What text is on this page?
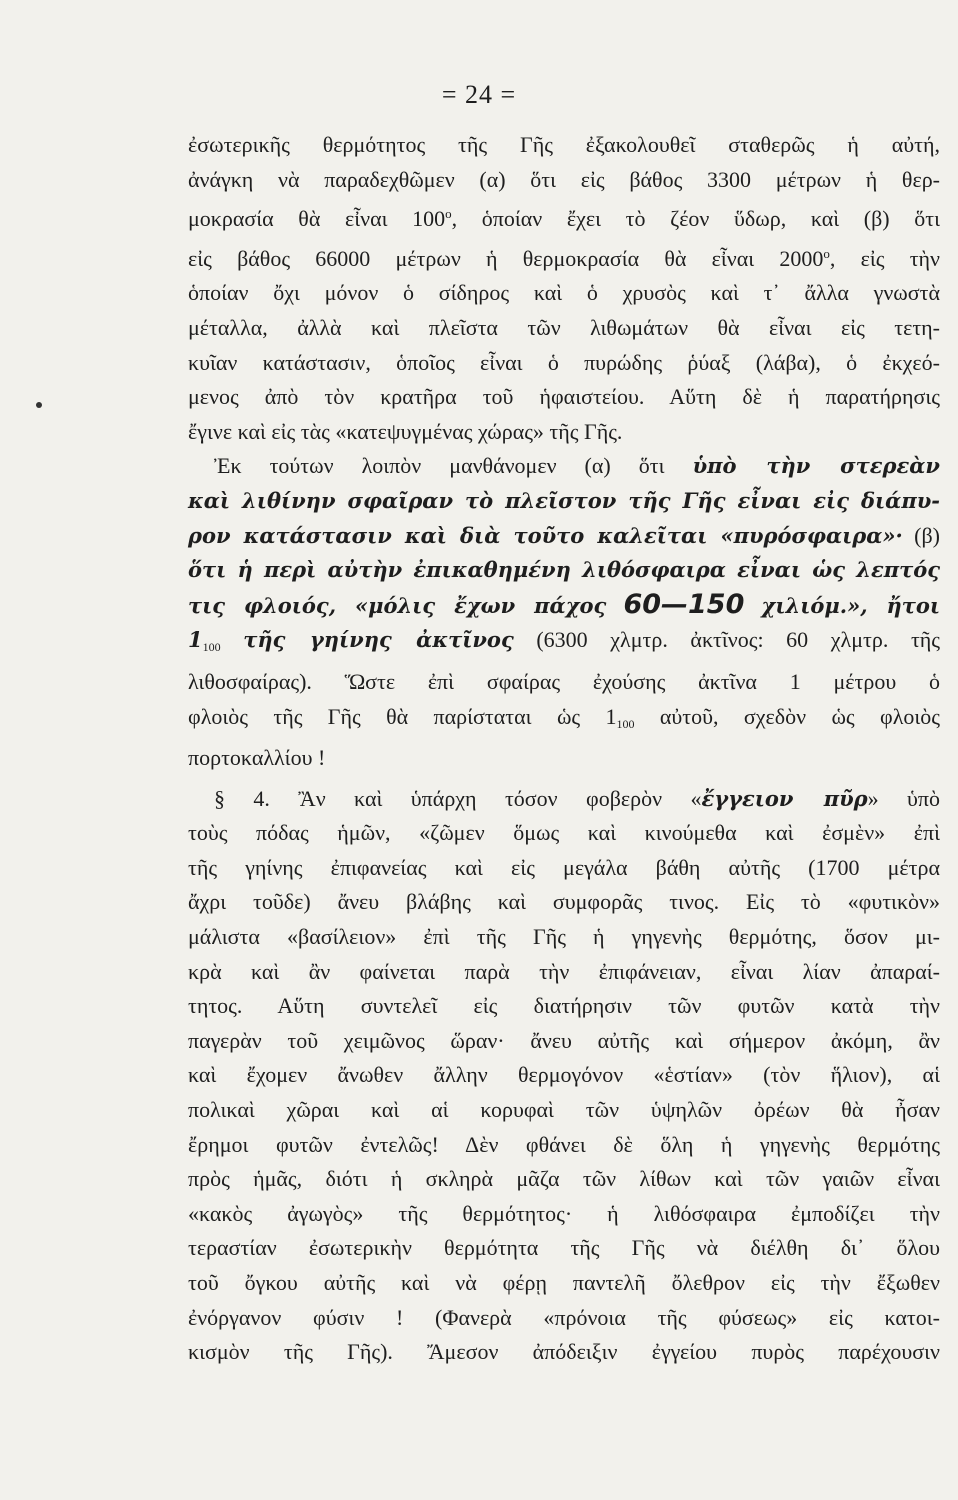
= 24 =
ἐσωτερικῆς θερμότητος τῆς Γῆς ἐξακολουθεῖ σταθερῶς ἡ αὐτή,
ἀνάγκη νὰ παραδεχθῶμεν (α) ὅτι εἰς βάθος 3300 μέτρων ἡ θερ-
μοκρασία θὰ εἶναι 100$^o$, ὁποίαν ἔχει τὸ ζέον ὕδωρ, καὶ (β) ὅτι
εἰς βάθος 66000 μέτρων ἡ θερμοκρασία θὰ εἶναι 2000$^o$, εἰς τὴν
ὁποίαν ὄχι μόνον ὁ σίδηρος καὶ ὁ χρυσὸς καὶ τ᾿ ἄλλα γνωστὰ
μέταλλα, ἀλλὰ καὶ πλεῖστα τῶν λιθωμάτων θὰ εἶναι εἰς τετη-
κυῖαν κατάστασιν, ὁποῖος εἶναι ὁ πυρώδης ῥύαξ (λάβα), ὁ ἐκχεό-
μενος ἀπὸ τὸν κρατῆρα τοῦ ἡφαιστείου. Αὕτη δὲ ἡ παρατήρησις
ἔγινε καὶ εἰς τὰς «κατεψυγμένας χώρας» τῆς Γῆς.
Ἐκ τούτων λοιπὸν μανθάνομεν (α) ὅτι ὑπὸ τὴν στερεὰν
καὶ λιθίνην σφαῖραν τὸ πλεῖστον τῆς Γῆς εἶναι εἰς διάπυ-
ρον κατάστασιν καὶ διὰ τοῦτο καλεῖται «πυρόσφαιρα»· (β)
ὅτι ἡ περὶ αὐτὴν ἐπικαθημένη λιθόσφαιρα εἶναι ὡς λεπτός
τις φλοιός, «μόλις ἔχων πάχος 60—150 χιλιόμ.», ἤτοι
$1_{100}$ τῆς γηίνης ἀκτῖνος (6300 χλμτρ. ἀκτῖνος: 60 χλμτρ. τῆς
λιθοσφαίρας). Ὥστε ἐπὶ σφαίρας ἐχούσης ἀκτῖνα 1 μέτρου ὁ
φλοιὸς τῆς Γῆς θὰ παρίσταται ὡς $1_{100}$ αὐτοῦ, σχεδὸν ὡς φλοιὸς
πορτοκαλλίου !
§ 4. Ἂν καὶ ὑπάρχη τόσον φοβερὸν «ἔγγειον πῦρ» ὑπὸ
τοὺς πόδας ἡμῶν, «ζῶμεν ὅμως καὶ κινούμεθα καὶ ἐσμὲν» ἐπὶ
τῆς γηίνης ἐπιφανείας καὶ εἰς μεγάλα βάθη αὐτῆς (1700 μέτρα
ἄχρι τοῦδε) ἄνευ βλάβης καὶ συμφορᾶς τινος. Εἰς τὸ «φυτικὸν»
μάλιστα «βασίλειον» ἐπὶ τῆς Γῆς ἡ γηγενὴς θερμότης, ὅσον μι-
κρὰ καὶ ἂν φαίνεται παρὰ τὴν ἐπιφάνειαν, εἶναι λίαν ἀπαραί-
τητος. Αὕτη συντελεῖ εἰς διατήρησιν τῶν φυτῶν κατὰ τὴν
παγερὰν τοῦ χειμῶνος ὥραν· ἄνευ αὐτῆς καὶ σήμερον ἀκόμη, ἂν
καὶ ἔχομεν ἄνωθεν ἄλλην θερμογόνον «ἑστίαν» (τὸν ἥλιον), αἱ
πολικαὶ χῶραι καὶ αἱ κορυφαὶ τῶν ὑψηλῶν ὀρέων θὰ ἦσαν
ἔρημοι φυτῶν ἐντελῶς! Δὲν φθάνει δὲ ὅλη ἡ γηγενὴς θερμότης
πρὸς ἡμᾶς, διότι ἡ σκληρὰ μᾶζα τῶν λίθων καὶ τῶν γαιῶν εἶναι
«κακὸς ἀγωγὸς» τῆς θερμότητος· ἡ λιθόσφαιρα ἐμποδίζει τὴν
τεραστίαν ἐσωτερικὴν θερμότητα τῆς Γῆς νὰ διέλθη δι᾿ ὅλου
τοῦ ὄγκου αὐτῆς καὶ νὰ φέρῃ παντελῆ ὄλεθρον εἰς τὴν ἔξωθεν
ἐνόργανον φύσιν ! (Φανερὰ «πρόνοια τῆς φύσεως» εἰς κατοι-
κισμὸν τῆς Γῆς). Ἄμεσον ἀπόδειξιν ἐγγείου πυρὸς παρέχουσιν
